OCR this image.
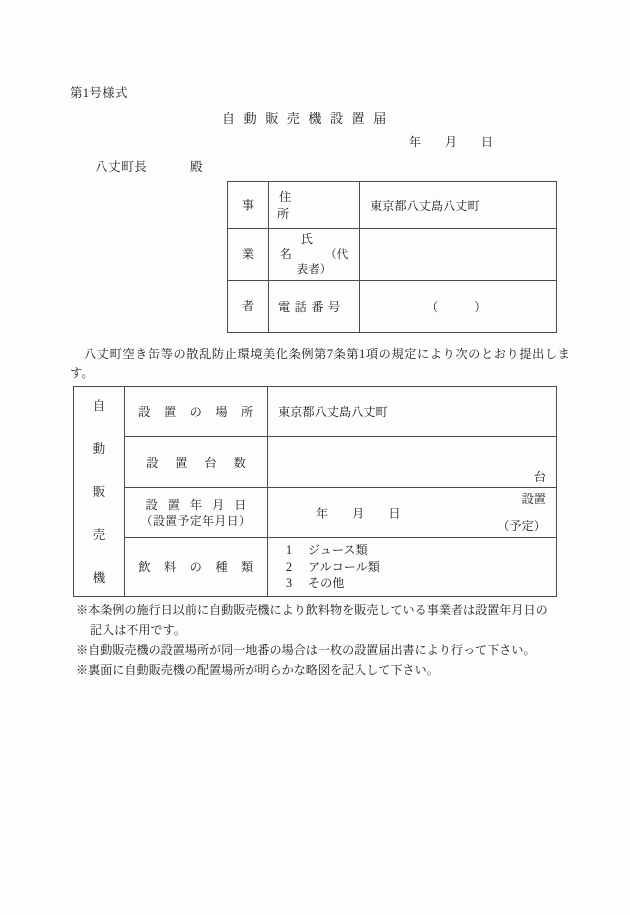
第1号様式
自動販売機設置届
年月日
八丈町長	殿
事	住所	東京都八丈島八丈町

業	氏名 （代表者）	

者	電話番号	（ ）
八丈町空き缶等の散乱防止環境美化条例第7条第1項の規定により次のとおり提出します。
自
動
販
売
機	設置の場所	東京都八丈島八丈町
	設置台数	台

	設置年月日 （設置予定年月日）	年月日
設置
（予定）

	飲料の種類	1 ジュース類
2 アルコール類
3 その他
※本条例の施行日以前に自動販売機により飲料物を販売している事業者は設置年月日の
記入は不用です。
※自動販売機の設置場所が同一地番の場合は一枚の設置届出書により行って下さい。
※裏面に自動販売機の配置場所が明らかな略図を記入して下さい。
